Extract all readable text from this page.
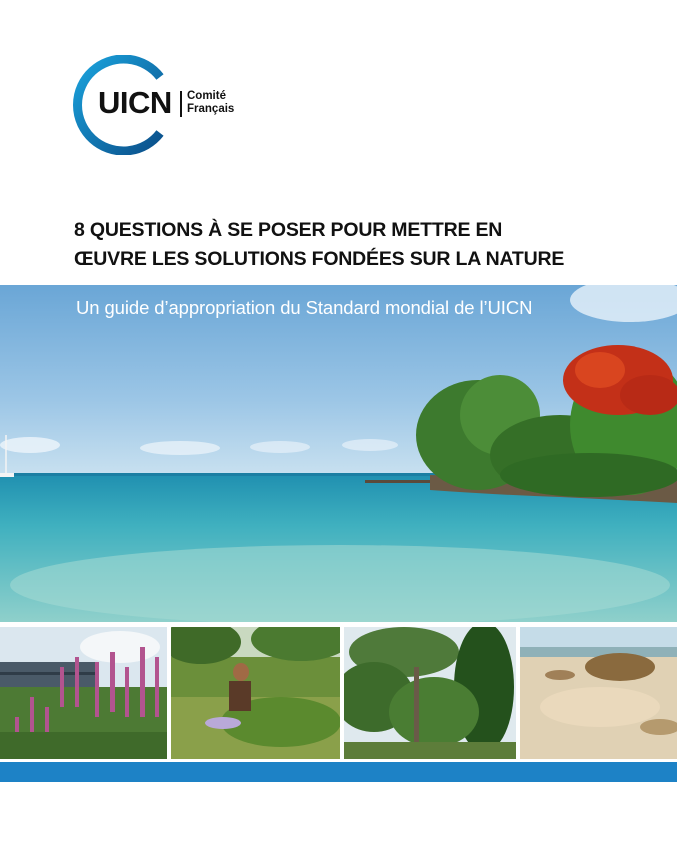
UICN Comité
Français
8 QUESTIONS À SE POSER POUR METTRE EN
ŒUVRE LES SOLUTIONS FONDÉES SUR LA NATURE
Un guide d’appropriation du Standard mondial de l’UICN
